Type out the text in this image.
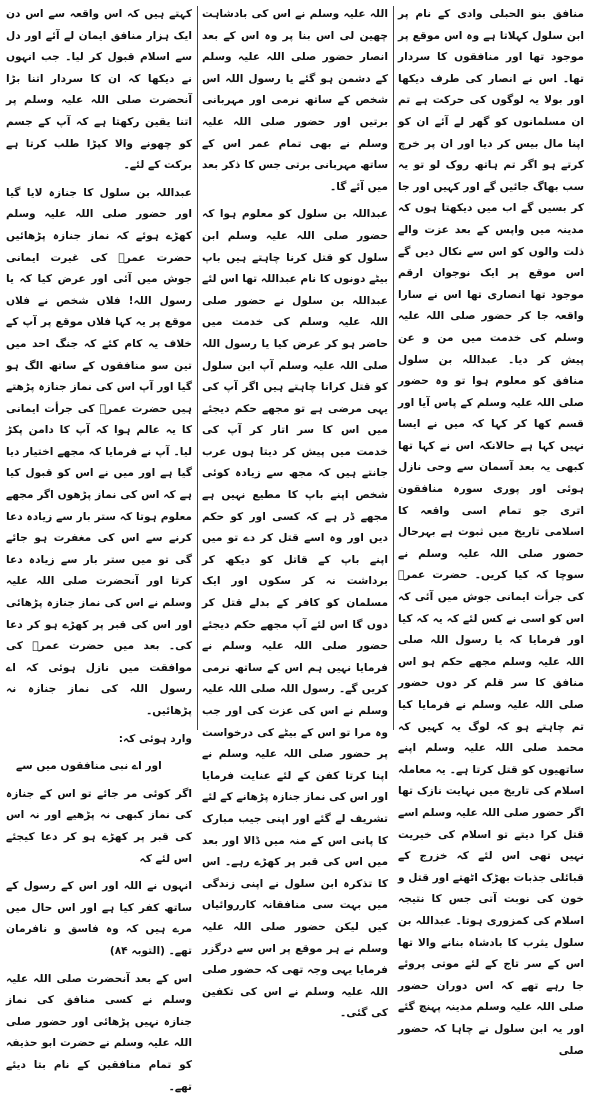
منافق بنو الحبلی وادی کے نام پر ابن سلول کہلاتا ہے وہ اس موقع پر موجود تھا اور منافقوں کا سردار تھا۔ اس نے انصار کی طرف دیکھا اور بولا یہ لوگوں کی حرکت ہے تم ان مسلمانوں کو گھر لے آئے ان کو اپنا مال بیس کر دیا اور ان پر خرچ کرتے ہو اگر تم ہاتھ روک لو تو یہ سب بھاگ جائیں گے اور کہیں اور جا کر بسیں گے اب میں دیکھتا ہوں کہ مدینہ میں واپس کے بعد عزت والے ذلت والوں کو اس سے نکال دیں گے اس موقع پر ایک نوجوان ارقم موجود تھا انصاری تھا اس نے سارا واقعہ جا کر حضور صلی اللہ علیہ وسلم کی خدمت میں من و عن پیش کر دیا۔ عبداللہ بن سلول منافق کو معلوم ہوا تو وہ حضور صلی اللہ علیہ وسلم کے پاس آیا اور قسم کھا کر کہا کہ میں نے ایسا نہیں کہا ہے حالانکہ اس نے کہا تھا کبھی یہ بعد آسمان سے وحی نازل ہوئی اور پوری سورہ منافقون اتری جو تمام اسی واقعہ کا اسلامی تاریخ میں ثبوت ہے بہرحال حضور صلی اللہ علیہ وسلم نے سوچا کہ کیا کریں۔ حضرت عمرؓ کی جرأت ایمانی جوش میں آئی کہ اس کو اسی نے کس لئے کہ یہ کہ کیا اور فرمایا کہ یا رسول اللہ صلی اللہ علیہ وسلم مجھے حکم ہو اس منافق کا سر قلم کر دوں حضور صلی اللہ علیہ وسلم نے فرمایا کیا تم چاہتے ہو کہ لوگ یہ کہیں کہ محمد صلی اللہ علیہ وسلم اپنے ساتھیوں کو قتل کرتا ہے۔ یہ معاملہ اسلام کی تاریخ میں نہایت نازک تھا اگر حضور صلی اللہ علیہ وسلم اسے قتل کرا دیتے تو اسلام کی خیریت نہیں تھی اس لئے کہ خزرج کے قبائلی جذبات بھڑک اٹھتے اور قتل و خون کی نوبت آتی جس کا نتیجہ اسلام کی کمزوری ہوتا۔ عبداللہ بن سلول یثرب کا بادشاہ بنانے والا تھا اس کے سر تاج کے لئے موتی پروئے جا رہے تھے کہ اس دوران حضور صلی اللہ علیہ وسلم مدینہ پہنچ گئے اور یہ ابن سلول نے چاہا کہ حضور صلی

اللہ علیہ وسلم نے اس کی بادشاہت چھین لی اس بنا پر وہ اس کے بعد انصار حضور صلی اللہ علیہ وسلم کے دشمن ہو گئے یا رسول اللہ اس شخص کے ساتھ نرمی اور مہربانی برتیں اور حضور صلی اللہ علیہ وسلم نے بھی تمام عمر اس کے ساتھ مہربانی برتی جس کا ذکر بعد میں آئے گا۔

عبداللہ بن سلول کو معلوم ہوا کہ حضور صلی اللہ علیہ وسلم ابن سلول کو قتل کرنا چاہتے ہیں باپ بیٹے دونوں کا نام عبداللہ تھا اس لئے عبداللہ بن سلول نے حضور صلی اللہ علیہ وسلم کی خدمت میں حاضر ہو کر عرض کیا یا رسول اللہ صلی اللہ علیہ وسلم آپ ابن سلول کو قتل کرانا چاہتے ہیں اگر آپ کی یہی مرضی ہے تو مجھے حکم دیجئے میں اس کا سر اتار کر آپ کی خدمت میں پیش کر دیتا ہوں عرب جانتے ہیں کہ مجھ سے زیادہ کوئی شخص اپنے باپ کا مطیع نہیں ہے مجھے ڈر ہے کہ کسی اور کو حکم دیں اور وہ اسے قتل کر دے تو میں اپنے باپ کے قاتل کو دیکھ کر برداشت نہ کر سکوں اور ایک مسلمان کو کافر کے بدلے قتل کر دوں گا اس لئے آپ مجھے حکم دیجئے حضور صلی اللہ علیہ وسلم نے فرمایا نہیں ہم اس کے ساتھ نرمی کریں گے۔ رسول اللہ صلی اللہ علیہ وسلم نے اس کی عزت کی اور جب وہ مرا تو اس کے بیٹے کی درخواست پر حضور صلی اللہ علیہ وسلم نے اپنا کرتا کفن کے لئے عنایت فرمایا اور اس کی نماز جنازہ پڑھانے کے لئے تشریف لے گئے اور اپنی جیب مبارک کا پانی اس کے منہ میں ڈالا اور بعد میں اس کی قبر پر کھڑے رہے۔ اس کا تذکرہ ابن سلول نے اپنی زندگی میں بہت سی منافقانہ کارروائیاں کیں لیکن حضور صلی اللہ علیہ وسلم نے ہر موقع پر اس سے درگزر فرمایا یہی وجہ تھی کہ حضور صلی اللہ علیہ وسلم نے اس کی تکفین کی گئی۔

کہتے ہیں کہ اس واقعہ سے اس دن ایک ہزار منافق ایمان لے آئے اور دل سے اسلام قبول کر لیا۔ جب انہوں نے دیکھا کہ ان کا سردار اتنا بڑا آنحضرت صلی اللہ علیہ وسلم پر اتنا یقین رکھتا ہے کہ آپ کے جسم کو چھونے والا کپڑا طلب کرتا ہے برکت کے لئے۔

عبداللہ بن سلول کا جنازہ لایا گیا اور حضور صلی اللہ علیہ وسلم کھڑے ہوئے کہ نماز جنازہ پڑھائیں حضرت عمرؓ کی غیرت ایمانی جوش میں آئی اور عرض کیا کہ یا رسول اللہ! فلاں شخص نے فلاں موقع پر یہ کہا فلاں موقع پر آپ کے خلاف یہ کام کئے کہ جنگ احد میں تین سو منافقوں کے ساتھ الگ ہو گیا اور آپ اس کی نماز جنازہ پڑھتے ہیں حضرت عمرؓ کی جرأت ایمانی کا یہ عالم ہوا کہ آپ کا دامن پکڑ لیا۔ آپ نے فرمایا کہ مجھے اختیار دیا گیا ہے اور میں نے اس کو قبول کیا ہے کہ اس کی نماز پڑھوں اگر مجھے معلوم ہوتا کہ ستر بار سے زیادہ دعا کرنے سے اس کی مغفرت ہو جائے گی تو میں ستر بار سے زیادہ دعا کرتا اور آنحضرت صلی اللہ علیہ وسلم نے اس کی نماز جنازہ پڑھائی اور اس کی قبر پر کھڑے ہو کر دعا کی۔ بعد میں حضرت عمرؓ کی موافقت میں نازل ہوئی کہ اے رسول اللہ کی نماز جنازہ نہ پڑھائیں۔

وارد ہوئی کہ:

اور اے نبی منافقوں میں سے

اگر کوئی مر جائے تو اس کے جنازہ کی نماز کبھی نہ پڑھیے اور نہ اس کی قبر پر کھڑے ہو کر دعا کیجئے اس لئے کہ

انہوں نے اللہ اور اس کے رسول کے ساتھ کفر کیا ہے اور اس حال میں مرے ہیں کہ وہ فاسق و نافرمان تھے۔ (التوبہ ۸۴)

اس کے بعد آنحضرت صلی اللہ علیہ وسلم نے کسی منافق کی نماز جنازہ نہیں پڑھائی اور حضور صلی اللہ علیہ وسلم نے حضرت ابو حذیفہ کو تمام منافقین کے نام بتا دیئے تھے۔
